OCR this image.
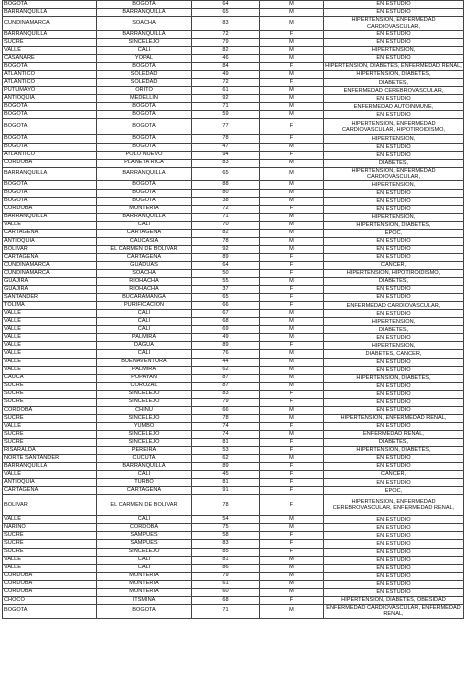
BOGOTA	BOGOTA	64	M	EN ESTUDIO
BARRANQUILLA	BARRANQUILLA	65	M	EN ESTUDIO
CUNDINAMARCA	SOACHA	83	M	HIPERTENSION, ENFERMEDAD CARDIOVASCULAR,
BARRANQUILLA	BARRANQUILLA	72	F	EN ESTUDIO
SUCRE	SINCELEJO	79	M	EN ESTUDIO
VALLE	CALI	82	M	HIPERTENSION,
CASANARE	YOPAL	46	M	EN ESTUDIO
BOGOTA	BOGOTA	84	F	HIPERTENSION, DIABETES, ENFERMEDAD RENAL,
ATLANTICO	SOLEDAD	49	M	HIPERTENSION, DIABETES,
ATLANTICO	SOLEDAD	72	F	DIABETES,
PUTUMAYO	ORITO	61	M	ENFERMEDAD CEREBROVASCULAR,
ANTIOQUIA	MEDELLIN	92	M	EN ESTUDIO
BOGOTA	BOGOTA	71	M	ENFERMEDAD AUTOINMUNE,
BOGOTA	BOGOTA	59	M	EN ESTUDIO
BOGOTA	BOGOTA	77	F	HIPERTENSION, ENFERMEDAD CARDIOVASCULAR, HIPOTIROIDISMO,
BOGOTA	BOGOTA	78	F	HIPERTENSION,
BOGOTA	BOGOTA	47	M	EN ESTUDIO
ATLANTICO	POLO NUEVO	94	F	EN ESTUDIO
CORDOBA	PLANETA RICA	83	M	DIABETES,
BARRANQUILLA	BARRANQUILLA	65	M	HIPERTENSION, ENFERMEDAD CARDIOVASCULAR,
BOGOTA	BOGOTA	88	M	HIPERTENSION,
BOGOTA	BOGOTA	80	M	EN ESTUDIO
BOGOTA	BOGOTA	38	M	EN ESTUDIO
CORDOBA	MONTERIA	72	F	EN ESTUDIO
BARRANQUILLA	BARRANQUILLA	71	M	HIPERTENSION,
VALLE	CALI	70	M	HIPERTENSION, DIABETES,
CARTAGENA	CARTAGENA	82	M	EPOC,
ANTIOQUIA	CAUCASIA	78	M	EN ESTUDIO
BOLIVAR	EL CARMEN DE BOLIVAR	92	M	EN ESTUDIO
CARTAGENA	CARTAGENA	89	F	EN ESTUDIO
CUNDINAMARCA	GUADUAS	64	F	CANCER,
CUNDINAMARCA	SOACHA	50	F	HIPERTENSION, HIPOTIROIDISMO,
GUAJIRA	RIOHACHA	55	M	DIABETES,
GUAJIRA	RIOHACHA	37	F	EN ESTUDIO
SANTANDER	BUCARAMANGA	65	F	EN ESTUDIO
TOLIMA	PURIFICACION	66	F	ENFERMEDAD CARDIOVASCULAR,
VALLE	CALI	67	M	EN ESTUDIO
VALLE	CALI	68	M	HIPERTENSION,
VALLE	CALI	69	M	DIABETES,
VALLE	PALMIRA	49	M	EN ESTUDIO
VALLE	DAGUA	89	F	HIPERTENSION,
VALLE	CALI	76	M	DIABETES, CANCER,
VALLE	BUENAVENTURA	44	M	EN ESTUDIO
VALLE	PALMIRA	62	M	EN ESTUDIO
CAUCA	POPAYAN	87	M	HIPERTENSION, DIABETES,
SUCRE	COROZAL	87	M	EN ESTUDIO
SUCRE	SINCELEJO	83	F	EN ESTUDIO
SUCRE	SINCELEJO	79	F	EN ESTUDIO
CORDOBA	CHINU	66	M	EN ESTUDIO
SUCRE	SINCELEJO	78	M	HIPERTENSION, ENFERMEDAD RENAL,
VALLE	YUMBO	74	F	EN ESTUDIO
SUCRE	SINCELEJO	74	M	ENFERMEDAD RENAL,
SUCRE	SINCELEJO	81	F	DIABETES,
RISARALDA	PEREIRA	53	F	HIPERTENSION, DIABETES,
NORTE SANTANDER	CUCUTA	62	M	EN ESTUDIO
BARRANQUILLA	BARRANQUILLA	89	F	EN ESTUDIO
VALLE	CALI	45	F	CANCER,
ANTIOQUIA	TURBO	81	F	EN ESTUDIO
CARTAGENA	CARTAGENA	91	F	EPOC,
BOLIVAR	EL CARMEN DE BOLIVAR	78	F	HIPERTENSION, ENFERMEDAD CEREBROVASCULAR, ENFERMEDAD RENAL,
VALLE	CALI	54	M	EN ESTUDIO
NARIÑO	CORDOBA	75	M	EN ESTUDIO
SUCRE	SAMPUES	58	F	EN ESTUDIO
SUCRE	SAMPUES	83	F	EN ESTUDIO
SUCRE	SINCELEJO	85	F	EN ESTUDIO
VALLE	CALI	81	M	EN ESTUDIO
VALLE	CALI	86	M	EN ESTUDIO
CORDOBA	MONTERIA	79	M	EN ESTUDIO
CORDOBA	MONTERIA	61	M	EN ESTUDIO
CORDOBA	MONTERIA	60	M	EN ESTUDIO
CHOCO	ITSMINA	68	F	HIPERTENSION, DIABETES, OBESIDAD
BOGOTA	BOGOTA	71	M	ENFERMEDAD CARDIOVASCULAR, ENFERMEDAD RENAL,
